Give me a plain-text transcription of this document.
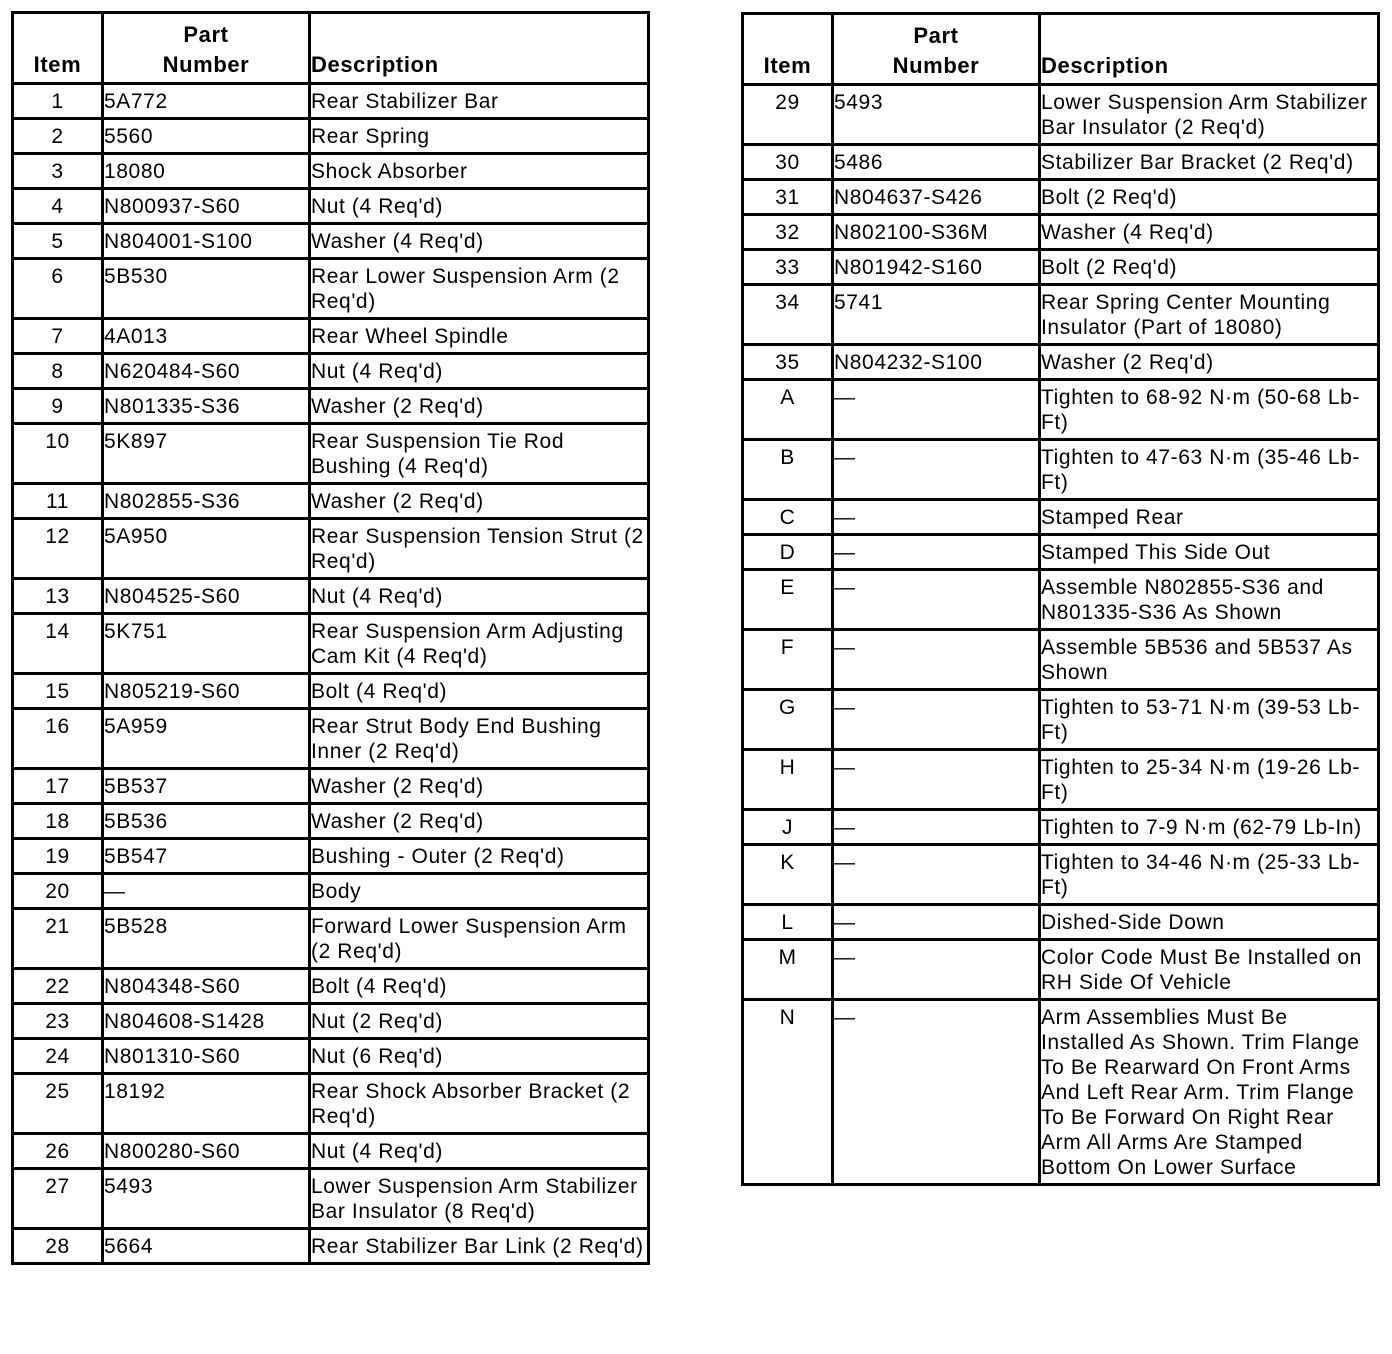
Item	Part
Number	Description
1	5A772	Rear Stabilizer Bar
2	5560	Rear Spring
3	18080	Shock Absorber
4	N800937-S60	Nut (4 Req'd)
5	N804001-S100	Washer (4 Req'd)
6	5B530	Rear Lower Suspension Arm (2 Req'd)
7	4A013	Rear Wheel Spindle
8	N620484-S60	Nut (4 Req'd)
9	N801335-S36	Washer (2 Req'd)
10	5K897	Rear Suspension Tie Rod Bushing (4 Req'd)
11	N802855-S36	Washer (2 Req'd)
12	5A950	Rear Suspension Tension Strut (2 Req'd)
13	N804525-S60	Nut (4 Req'd)
14	5K751	Rear Suspension Arm Adjusting Cam Kit (4 Req'd)
15	N805219-S60	Bolt (4 Req'd)
16	5A959	Rear Strut Body End Bushing Inner (2 Req'd)
17	5B537	Washer (2 Req'd)
18	5B536	Washer (2 Req'd)
19	5B547	Bushing - Outer (2 Req'd)
20	—	Body
21	5B528	Forward Lower Suspension Arm (2 Req'd)
22	N804348-S60	Bolt (4 Req'd)
23	N804608-S1428	Nut (2 Req'd)
24	N801310-S60	Nut (6 Req'd)
25	18192	Rear Shock Absorber Bracket (2 Req'd)
26	N800280-S60	Nut (4 Req'd)
27	5493	Lower Suspension Arm Stabilizer Bar Insulator (8 Req'd)
28	5664	Rear Stabilizer Bar Link (2 Req'd)
Item	Part
Number	Description
29	5493	Lower Suspension Arm Stabilizer Bar Insulator (2 Req'd)
30	5486	Stabilizer Bar Bracket (2 Req'd)
31	N804637-S426	Bolt (2 Req'd)
32	N802100-S36M	Washer (4 Req'd)
33	N801942-S160	Bolt (2 Req'd)
34	5741	Rear Spring Center Mounting Insulator (Part of 18080)
35	N804232-S100	Washer (2 Req'd)
A	—	Tighten to 68-92 N·m (50-68 Lb-Ft)
B	—	Tighten to 47-63 N·m (35-46 Lb-Ft)
C	—	Stamped Rear
D	—	Stamped This Side Out
E	—	Assemble N802855-S36 and N801335-S36 As Shown
F	—	Assemble 5B536 and 5B537 As Shown
G	—	Tighten to 53-71 N·m (39-53 Lb-Ft)
H	—	Tighten to 25-34 N·m (19-26 Lb-Ft)
J	—	Tighten to 7-9 N·m (62-79 Lb-In)
K	—	Tighten to 34-46 N·m (25-33 Lb-Ft)
L	—	Dished-Side Down
M	—	Color Code Must Be Installed on RH Side Of Vehicle
N	—	Arm Assemblies Must Be Installed As Shown. Trim Flange To Be Rearward On Front Arms And Left Rear Arm. Trim Flange To Be Forward On Right Rear Arm All Arms Are Stamped Bottom On Lower Surface
